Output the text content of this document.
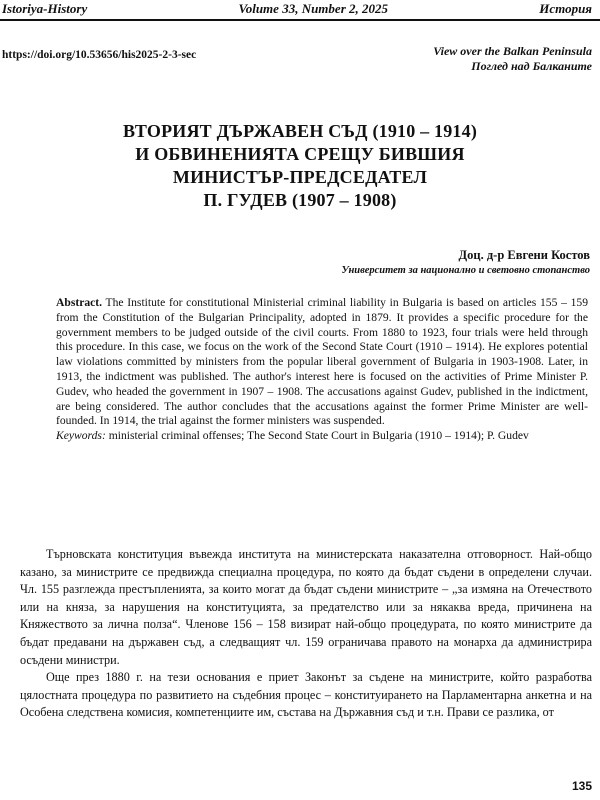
Istoriya-History	Volume 33, Number 2, 2025	История
https://doi.org/10.53656/his2025-2-3-sec	View over the Balkan Peninsula
Поглед над Балканите
ВТОРИЯТ ДЪРЖАВЕН СЪД (1910 – 1914)
И ОБВИНЕНИЯТА СРЕЩУ БИВШИЯ
МИНИСТЪР-ПРЕДСЕДАТЕЛ
П. ГУДЕВ (1907 – 1908)
Доц. д-р Евгени Костов
Университет за национално и световно стопанство
Abstract. The Institute for constitutional Ministerial criminal liability in Bulgaria is based on articles 155 – 159 from the Constitution of the Bulgarian Principality, adopted in 1879. It provides a specific procedure for the government members to be judged outside of the civil courts. From 1880 to 1923, four trials were held through this procedure. In this case, we focus on the work of the Second State Court (1910 – 1914). He explores potential law violations committed by ministers from the popular liberal government of Bulgaria in 1903-1908. Later, in 1913, the indictment was published. The author's interest here is focused on the activities of Prime Minister P. Gudev, who headed the government in 1907 – 1908. The accusations against Gudev, published in the indictment, are being considered. The author concludes that the accusations against the former Prime Minister are well-founded. In 1914, the trial against the former ministers was suspended.
Keywords: ministerial criminal offenses; The Second State Court in Bulgaria (1910 – 1914); P. Gudev

Търновската конституция въвежда института на министерската наказателна отговорност. Най-общо казано, за министрите се предвижда специална процедура, по която да бъдат съдени в определени случаи. Чл. 155 разглежда престъпленията, за които могат да бъдат съдени министрите – „за измяна на Отечеството или на княза, за нарушения на конституцията, за предателство или за някаква вреда, причинена на Княжеството за лична полза“. Членове 156 – 158 визират най-общо процедурата, по която министрите да бъдат предавани на държавен съд, а следващият чл. 159 ограничава правото на монарха да администрира осъдени министри.

Още през 1880 г. на тези основания е приет Законът за съдене на министрите, който разработва цялостната процедура по развитието на съдебния процес – конституирането на Парламентарна анкетна и на Особена следствена комисия, компетенциите им, състава на Държавния съд и т.н. Прави се разлика, от

135
